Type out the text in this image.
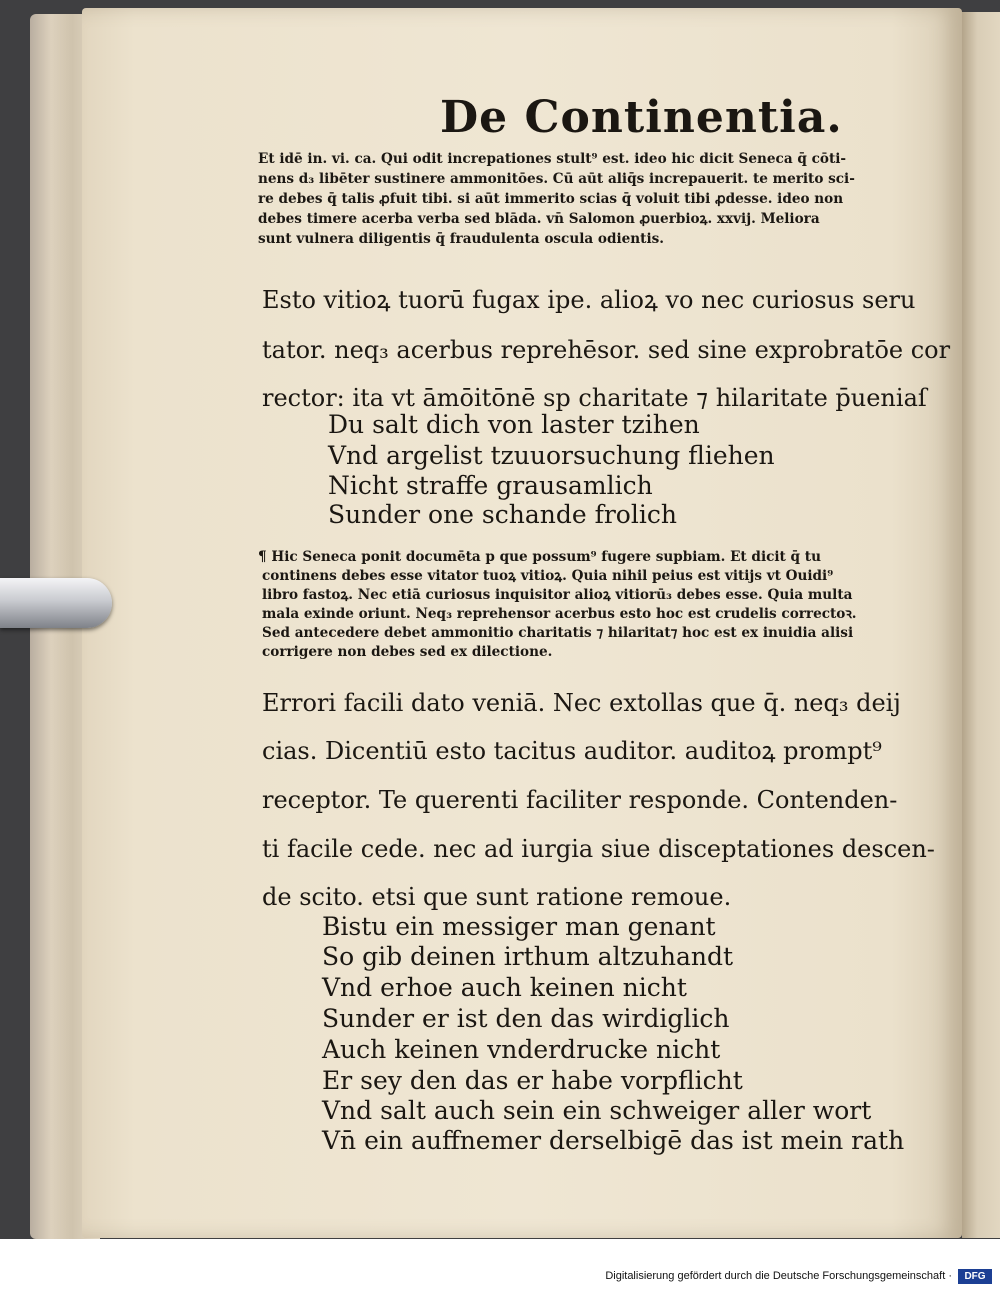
De Continentia.
Et idē in. vi. ca. Qui odit increpationes stult⁹ est. ideo hic dicit Seneca q̄ cōti-
nens d₃ libēter sustinere ammonitōes. Cū aūt aliq̄s increpauerit. te merito sci-
re debes q̄ talis ꝓfuit tibi. si aūt immerito scias q̄ voluit tibi ꝓdesse. ideo non
debes timere acerba verba sed blāda. vn̄ Salomon ꝓuerbioꝝ. xxvij. Meliora
sunt vulnera diligentis q̄ fraudulenta oscula odientis.
Esto vitioꝝ tuorū fugax ipe. alioꝝ vo nec curiosus seru
tator. neq₃ acerbus reprehēsor. sed sine exprobratōe cor
rector: ita vt āmōitōnē sp charitate ⁊ hilaritate p̄ueniaſ
Du salt dich von laster tzihen
Vnd argelist tzuuorsuchung fliehen
Nicht straffe grausamlich
Sunder one schande frolich
¶ Hic Seneca ponit documēta p que possum⁹ fugere supbiam. Et dicit q̄ tu
continens debes esse vitator tuoꝝ vitioꝝ. Quia nihil peius est vitijs vt Ouidi⁹
libro fastoꝝ. Nec etiā curiosus inquisitor alioꝝ vitiorū₃ debes esse. Quia multa
mala exinde oriunt. Neq₃ reprehensor acerbus esto hoc est crudelis correctoꝛ.
Sed antecedere debet ammonitio charitatis ⁊ hilaritat⁊ hoc est ex inuidia alisi
corrigere non debes sed ex dilectione.
Errori facili dato veniā. Nec extollas que q̄. neq₃ deij
cias. Dicentiū esto tacitus auditor. auditoꝝ prompt⁹
receptor. Te querenti faciliter responde. Contenden-
ti facile cede. nec ad iurgia siue disceptationes descen-
de scito. etsi que sunt ratione remoue.
Bistu ein messiger man genant
So gib deinen irthum altzuhandt
Vnd erhoe auch keinen nicht
Sunder er ist den das wirdiglich
Auch keinen vnderdrucke nicht
Er sey den das er habe vorpflicht
Vnd salt auch sein ein schweiger aller wort
Vn̄ ein auffnemer derselbigē das ist mein rath
Digitalisierung gefördert durch die Deutsche Forschungsgemeinschaft ·	DFG
